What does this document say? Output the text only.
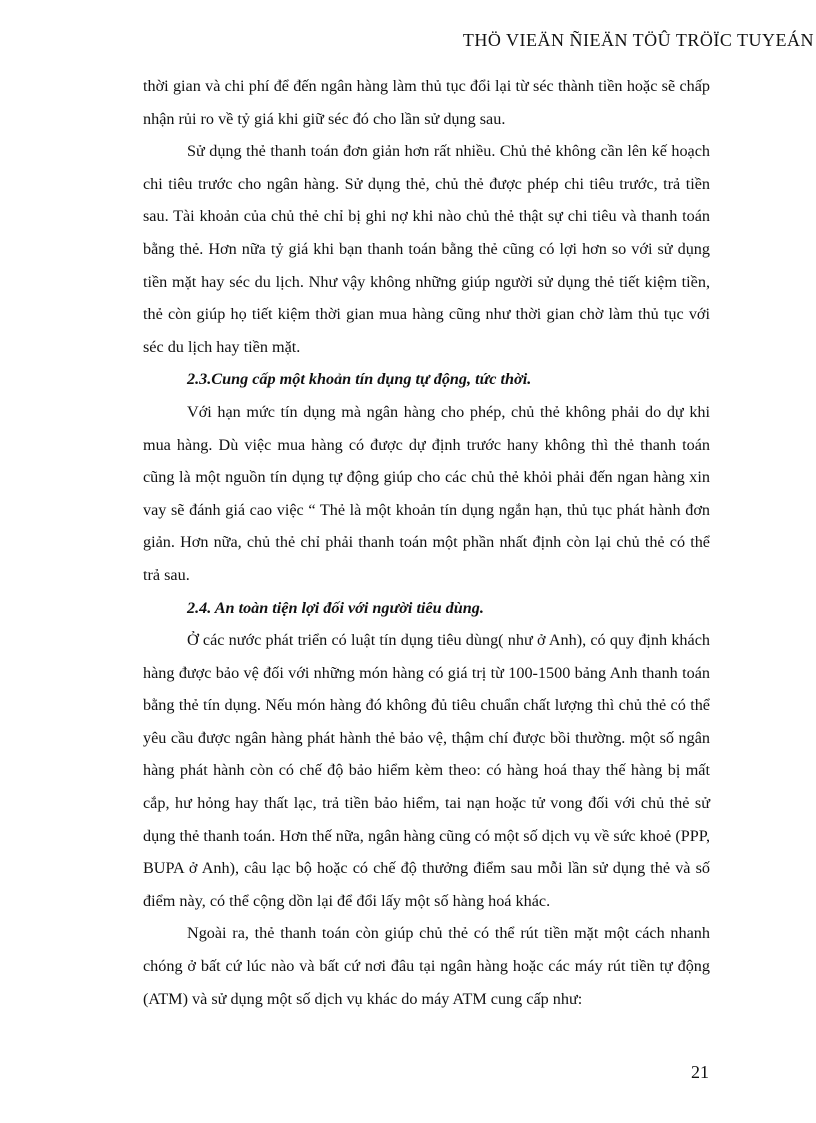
THÖ VIEÄN ÑIEÄN TÖÛ TRÖÏC TUYEÁN

thời gian và chi phí để đến ngân hàng làm thủ tục đổi lại từ séc thành tiền hoặc sẽ chấp nhận rủi ro về tỷ giá khi giữ séc đó cho lần sử dụng sau.

Sử dụng thẻ thanh toán đơn giản hơn rất nhiều. Chủ thẻ không cần lên kế hoạch chi tiêu trước cho ngân hàng. Sử dụng thẻ, chủ thẻ được phép chi tiêu trước, trả tiền sau. Tài khoản của chủ thẻ chỉ bị ghi nợ khi nào chủ thẻ thật sự chi tiêu và thanh toán bằng thẻ. Hơn nữa tỷ giá khi bạn thanh toán bằng thẻ cũng có lợi hơn so với sử dụng tiền mặt hay séc du lịch. Như vậy không những giúp người sử dụng thẻ tiết kiệm tiền, thẻ còn giúp họ tiết kiệm thời gian mua hàng cũng như thời gian chờ làm thủ tục với séc du lịch hay tiền mặt.

2.3.Cung cấp một khoản tín dụng tự động, tức thời.

Với hạn mức tín dụng mà ngân hàng cho phép, chủ thẻ không phải do dự khi mua hàng. Dù việc mua hàng có được dự định trước hany không thì thẻ thanh toán cũng là một nguồn tín dụng tự động giúp cho các chủ thẻ khỏi phải đến ngan hàng xin vay sẽ đánh giá cao việc “ Thẻ là một khoản tín dụng ngắn hạn, thủ tục phát hành đơn giản. Hơn nữa, chủ thẻ chỉ phải thanh toán một phần nhất định còn lại chủ thẻ có thể trả sau.

2.4. An toàn tiện lợi đối với người tiêu dùng.

Ở các nước phát triển có luật tín dụng tiêu dùng( như ở Anh), có quy định khách hàng được bảo vệ đối với những món hàng có giá trị từ 100-1500 bảng Anh thanh toán bằng thẻ tín dụng. Nếu món hàng đó không đủ tiêu chuẩn chất lượng thì chủ thẻ có thể yêu cầu được ngân hàng phát hành thẻ bảo vệ, thậm chí được bồi thường. một số ngân hàng phát hành còn có chế độ bảo hiểm kèm theo: có hàng hoá thay thế hàng bị mất cắp, hư hỏng hay thất lạc, trả tiền bảo hiểm, tai nạn hoặc tử vong đối với chủ thẻ sử dụng thẻ thanh toán. Hơn thế nữa, ngân hàng cũng có một số dịch vụ về sức khoẻ (PPP, BUPA ở Anh), câu lạc bộ hoặc có chế độ thưởng điểm sau mỗi lần sử dụng thẻ và số điểm này, có thể cộng dồn lại để đổi lấy một số hàng hoá khác.

Ngoài ra, thẻ thanh toán còn giúp chủ thẻ có thể rút tiền mặt một cách nhanh chóng ở bất cứ lúc nào và bất cứ nơi đâu tại ngân hàng hoặc các máy rút tiền tự động (ATM) và sử dụng một số dịch vụ khác do máy ATM cung cấp như:

21
